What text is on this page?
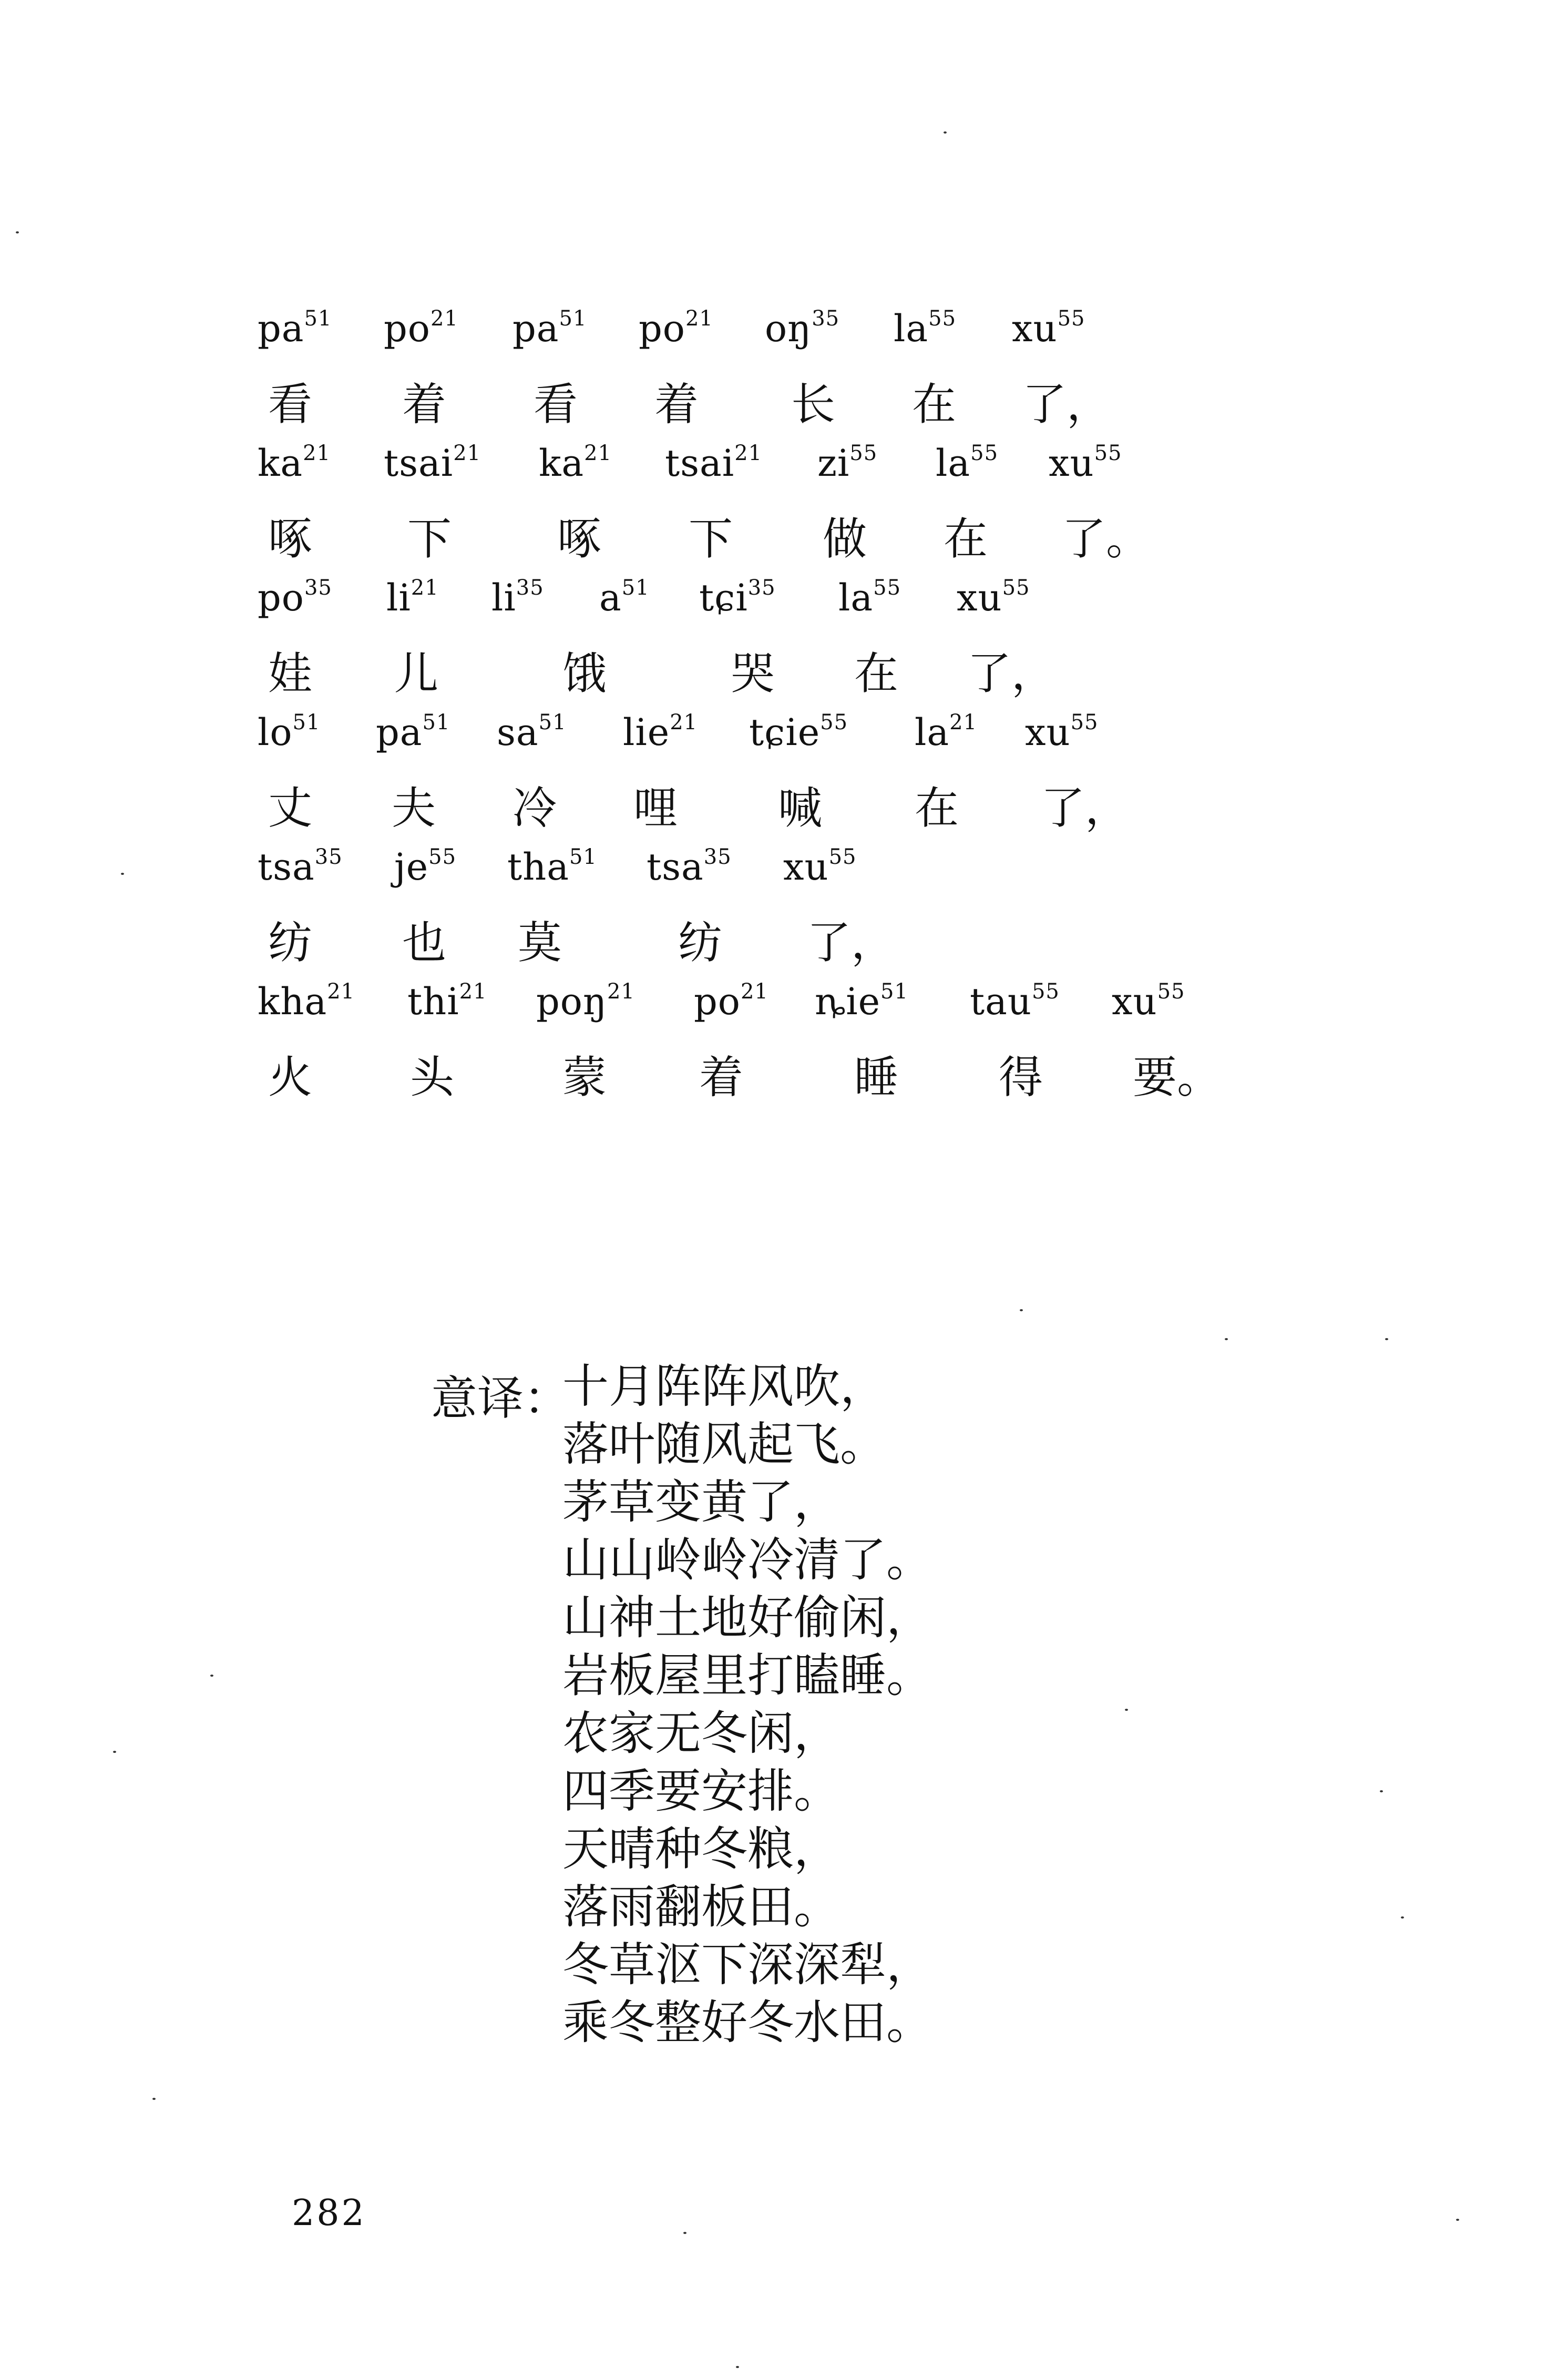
$pa^{51}$ $po^{21}$ $pa^{51}$ $po^{21}$ $oŋ^{35}$ $la^{55}$ $xu^{55}$
看 着 看 着 长 在 了，
$ka^{21}$ tsai$^{21}$ $ka^{21}$ tsai$^{21}$ $zi^{55}$ $la^{55}$ $xu^{55}$
啄 下 啄 下 做 在 了。
$po^{35}$ $li^{21}$ $li^{35}$ $a^{51}$ tɕi$^{35}$ $la^{55}$ $xu^{55}$
娃 儿	饿	哭 在 了，
$lo^{51}$ $pa^{51}$ $sa^{51}$ lie$^{21}$ tɕie$^{55}$ $la^{21}$ $xu^{55}$
丈 夫 冷 哩 喊 在 了，
tsa$^{35}$ $je^{55}$ tha$^{51}$ tsa$^{35}$ $xu^{55}$
纺 也 莫	纺 了，
kha$^{21}$ thi$^{21}$ poŋ$^{21}$ $po^{21}$ ȵie$^{51}$ tau$^{55}$ $xu^{55}$
火 头 蒙 着	睡 得 要。
意译：
十月阵阵风吹，
落叶随风起飞。
茅草变黄了，
山山岭岭冷清了。
山神土地好偷闲，
岩板屋里打瞌睡。
农家无冬闲，
四季要安排。
天晴种冬粮，
落雨翻板田。
冬草沤下深深犁，
乘冬整好冬水田。
282
